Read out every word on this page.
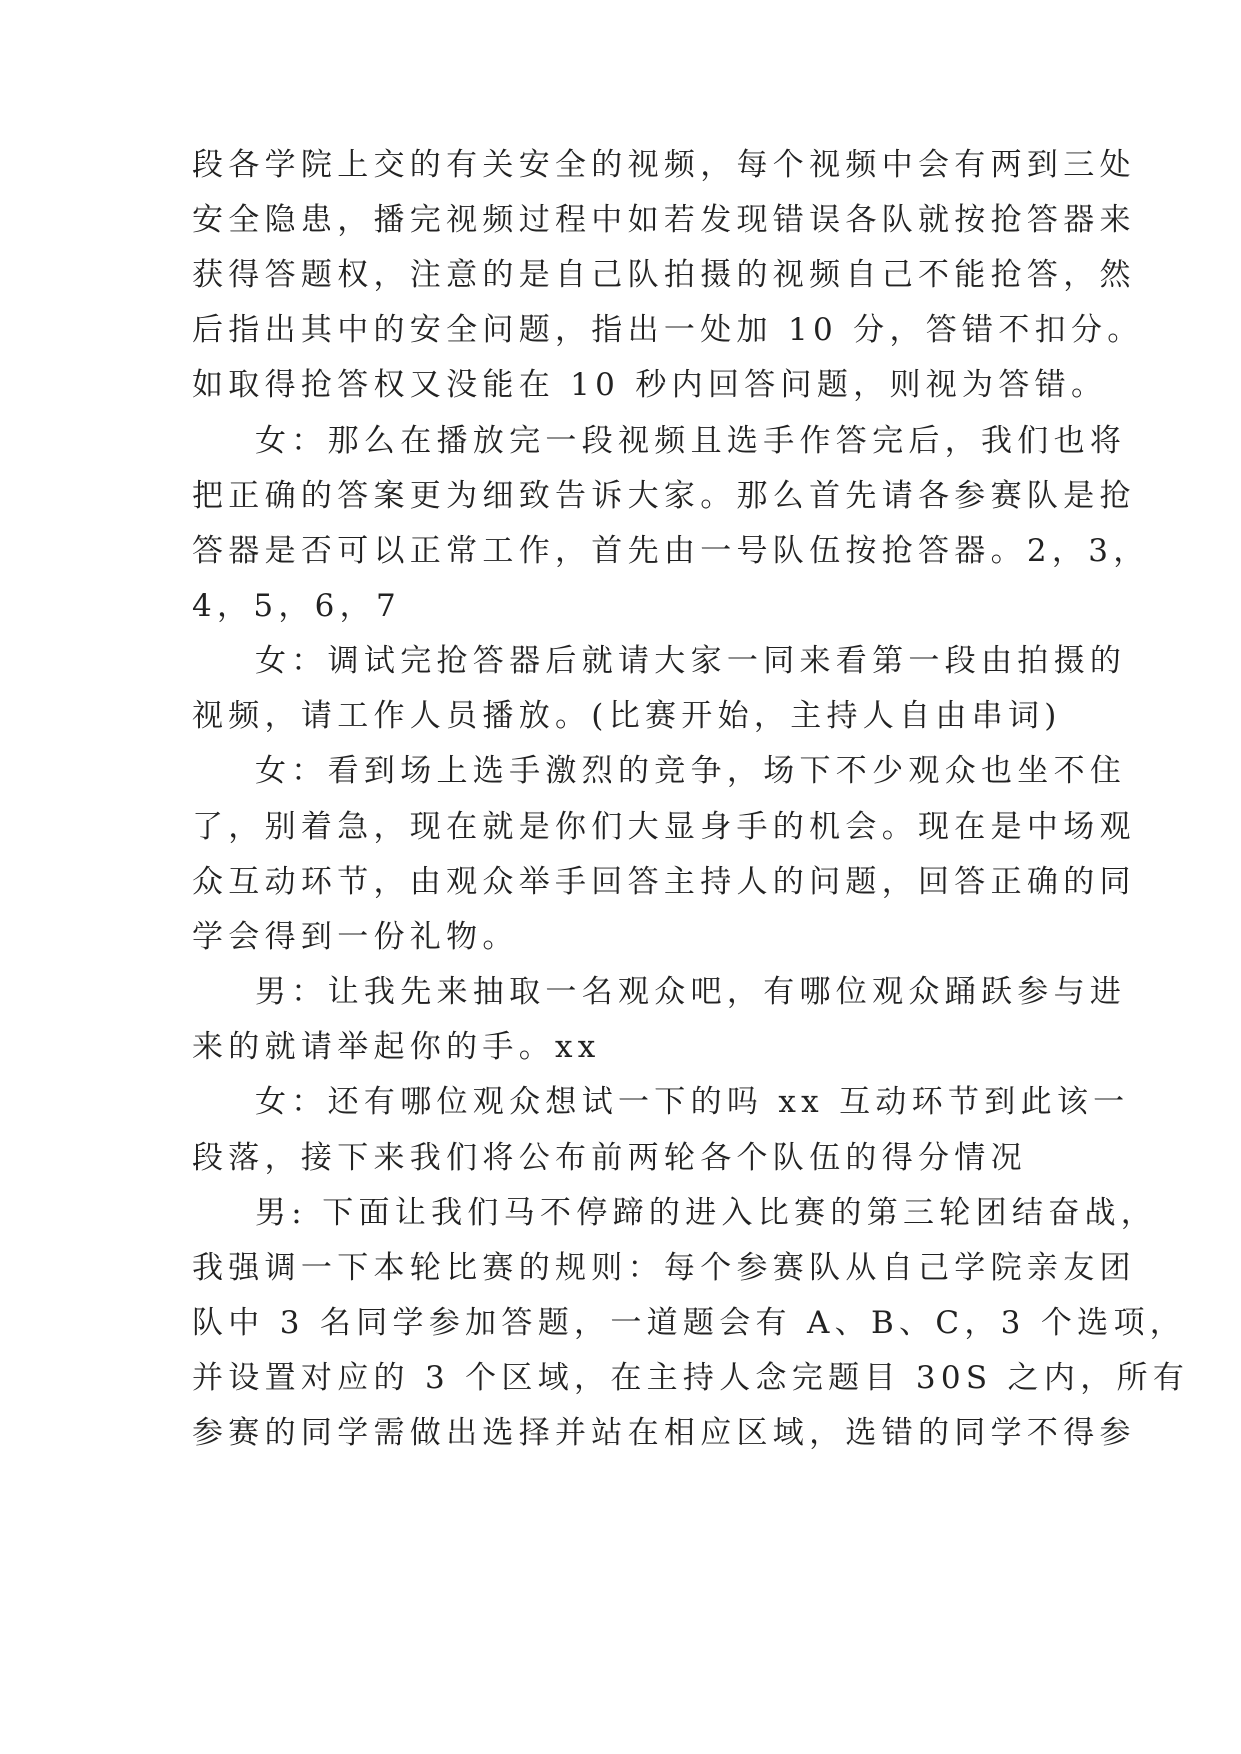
段各学院上交的有关安全的视频，每个视频中会有两到三处
安全隐患，播完视频过程中如若发现错误各队就按抢答器来
获得答题权，注意的是自己队拍摄的视频自己不能抢答，然
后指出其中的安全问题，指出一处加 10 分，答错不扣分。
如取得抢答权又没能在 10 秒内回答问题，则视为答错。
女：那么在播放完一段视频且选手作答完后，我们也将
把正确的答案更为细致告诉大家。那么首先请各参赛队是抢
答器是否可以正常工作，首先由一号队伍按抢答器。2，3，
4，5，6，7
女：调试完抢答器后就请大家一同来看第一段由拍摄的
视频，请工作人员播放。(比赛开始，主持人自由串词)
女：看到场上选手激烈的竞争，场下不少观众也坐不住
了，别着急，现在就是你们大显身手的机会。现在是中场观
众互动环节，由观众举手回答主持人的问题，回答正确的同
学会得到一份礼物。
男：让我先来抽取一名观众吧，有哪位观众踊跃参与进
来的就请举起你的手。xx
女：还有哪位观众想试一下的吗 xx 互动环节到此该一
段落，接下来我们将公布前两轮各个队伍的得分情况
男: 下面让我们马不停蹄的进入比赛的第三轮团结奋战，
我强调一下本轮比赛的规则：每个参赛队从自己学院亲友团
队中 3 名同学参加答题，一道题会有 A、B、C，3 个选项，
并设置对应的 3 个区域，在主持人念完题目 30S 之内，所有
参赛的同学需做出选择并站在相应区域，选错的同学不得参
